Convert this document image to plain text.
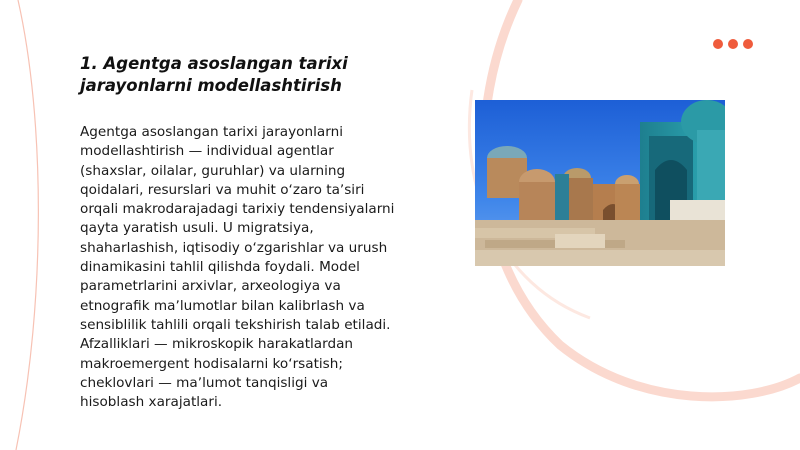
1. Agentga asoslangan tarixi jarayonlarni modellashtirish

Agentga asoslangan tarixi jarayonlarni modellashtirish — individual agentlar (shaxslar, oilalar, guruhlar) va ularning qoidalari, resurslari va muhit oʻzaro taʼsiri orqali makrodarajadagi tarixiy tendensiyalarni qayta yaratish usuli. U migratsiya, shaharlashish, iqtisodiy oʻzgarishlar va urush dinamikasini tahlil qilishda foydali. Model parametrlarini arxivlar, arxeologiya va etnografik maʼlumotlar bilan kalibrlash va sensiblilik tahlili orqali tekshirish talab etiladi. Afzalliklari — mikroskopik harakatlardan makroemergent hodisalarni koʻrsatish; cheklovlari — maʼlumot tanqisligi va hisoblash xarajatlari.
